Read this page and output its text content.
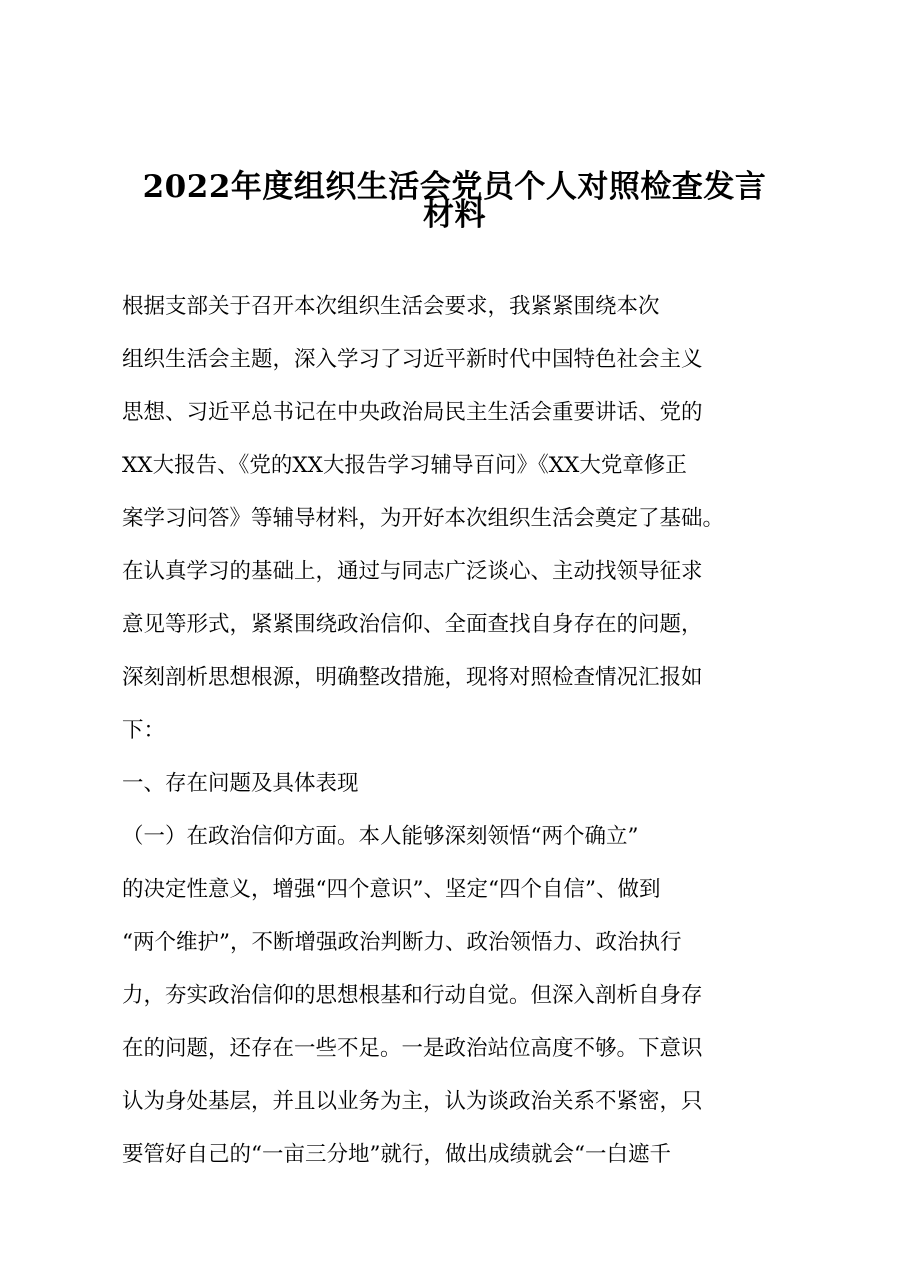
2022年度组织生活会党员个人对照检查发言
材料
根据支部关于召开本次组织生活会要求，我紧紧围绕本次
组织生活会主题，深入学习了习近平新时代中国特色社会主义
思想、习近平总书记在中央政治局民主生活会重要讲话、党的
XX大报告、《党的XX大报告学习辅导百问》《XX大党章修正
案学习问答》等辅导材料，为开好本次组织生活会奠定了基础。
在认真学习的基础上，通过与同志广泛谈心、主动找领导征求
意见等形式，紧紧围绕政治信仰、全面查找自身存在的问题，
深刻剖析思想根源，明确整改措施，现将对照检查情况汇报如
下：
一、存在问题及具体表现
（一）在政治信仰方面。本人能够深刻领悟“两个确立”
的决定性意义，增强“四个意识”、坚定“四个自信”、做到
“两个维护”，不断增强政治判断力、政治领悟力、政治执行
力，夯实政治信仰的思想根基和行动自觉。但深入剖析自身存
在的问题，还存在一些不足。一是政治站位高度不够。下意识
认为身处基层，并且以业务为主，认为谈政治关系不紧密，只
要管好自己的“一亩三分地”就行，做出成绩就会“一白遮千
